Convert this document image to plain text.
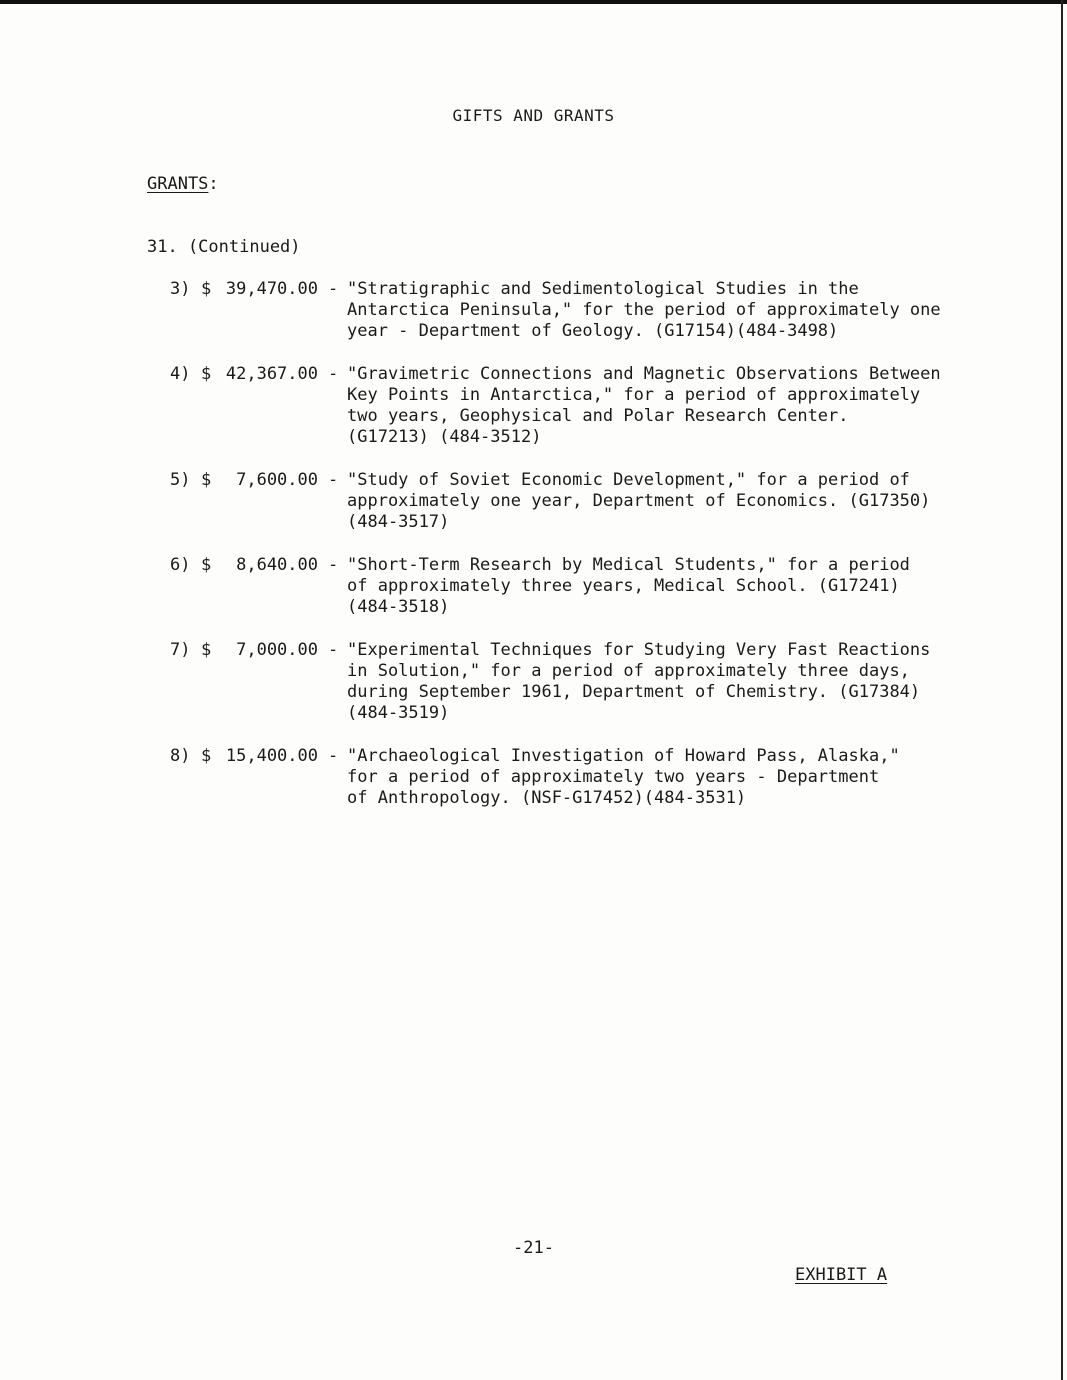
GIFTS AND GRANTS
GRANTS:
31. (Continued)
3) $ 39,470.00 - "Stratigraphic and Sedimentological Studies in the
Antarctica Peninsula," for the period of approximately one
year - Department of Geology. (G17154)(484-3498)
4) $ 42,367.00 - "Gravimetric Connections and Magnetic Observations Between
Key Points in Antarctica," for a period of approximately
two years, Geophysical and Polar Research Center.
(G17213) (484-3512)
5) $	7,600.00 - "Study of Soviet Economic Development," for a period of
approximately one year, Department of Economics. (G17350)
(484-3517)
6) $	8,640.00 - "Short-Term Research by Medical Students," for a period
of approximately three years, Medical School. (G17241)
(484-3518)
7) $	7,000.00 - "Experimental Techniques for Studying Very Fast Reactions
in Solution," for a period of approximately three days,
during September 1961, Department of Chemistry. (G17384)
(484-3519)
8) $ 15,400.00 - "Archaeological Investigation of Howard Pass, Alaska,"
for a period of approximately two years - Department
of Anthropology. (NSF-G17452)(484-3531)
-21-
EXHIBIT A
